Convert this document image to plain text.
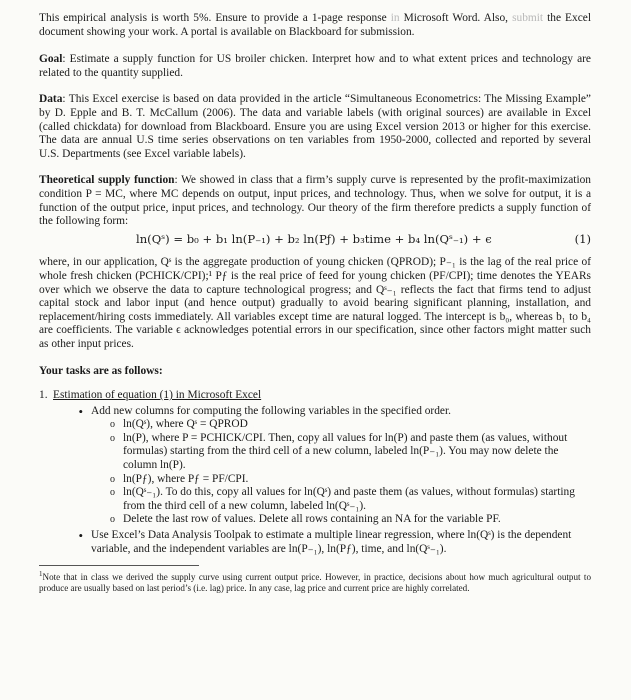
This empirical analysis is worth 5%. Ensure to provide a 1-page response in Microsoft Word. Also, submit the Excel document showing your work. A portal is available on Blackboard for submission.

Goal: Estimate a supply function for US broiler chicken. Interpret how and to what extent prices and technology are related to the quantity supplied.

Data: This Excel exercise is based on data provided in the article “Simultaneous Econometrics: The Missing Example” by D. Epple and B. T. McCallum (2006). The data and variable labels (with original sources) are available in Excel (called chickdata) for download from Blackboard. Ensure you are using Excel version 2013 or higher for this exercise. The data are annual U.S time series observations on ten variables from 1950-2000, collected and reported by several U.S. Departments (see Excel variable labels).

Theoretical supply function: We showed in class that a firm’s supply curve is represented by the profit-maximization condition P = MC, where MC depends on output, input prices, and technology. Thus, when we solve for output, it is a function of the output price, input prices, and technology. Our theory of the firm therefore predicts a supply function of the following form:

ln(Qˢ) = b₀ + b₁ ln(P₋₁) + b₂ ln(Pƒ) + b₃time + b₄ ln(Qˢ₋₁) + ϵ	(1)

where, in our application, Qˢ is the aggregate production of young chicken (QPROD); P₋₁ is the lag of the real price of whole fresh chicken (PCHICK/CPI);¹ Pƒ is the real price of feed for young chicken (PF/CPI); time denotes the YEARs over which we observe the data to capture technological progress; and Qˢ₋₁ reflects the fact that firms tend to adjust capital stock and labor input (and hence output) gradually to avoid bearing significant planning, installation, and replacement/hiring costs immediately. All variables except time are natural logged. The intercept is b₀, whereas b₁ to b₄ are coefficients. The variable ϵ acknowledges potential errors in our specification, since other factors might matter such as other input prices.

Your tasks are as follows:
1. Estimation of equation (1) in Microsoft Excel
• Add new columns for computing the following variables in the specified order.
o ln(Qˢ), where Qˢ = QPROD
o ln(P), where P = PCHICK/CPI. Then, copy all values for ln(P) and paste them (as values, without formulas) starting from the third cell of a new column, labeled ln(P₋₁). You may now delete the column ln(P).
o ln(Pƒ), where Pƒ = PF/CPI.
o ln(Qˢ₋₁). To do this, copy all values for ln(Qˢ) and paste them (as values, without formulas) starting from the third cell of a new column, labeled ln(Qˢ₋₁).
o Delete the last row of values. Delete all rows containing an NA for the variable PF.
• Use Excel’s Data Analysis Toolpak to estimate a multiple linear regression, where ln(Qˢ) is the dependent variable, and the independent variables are ln(P₋₁), ln(Pƒ), time, and ln(Qˢ₋₁).

$^1$Note that in class we derived the supply curve using current output price. However, in practice, decisions about how much agricultural output to produce are usually based on last period’s (i.e. lag) price. In any case, lag price and current price are highly correlated.
